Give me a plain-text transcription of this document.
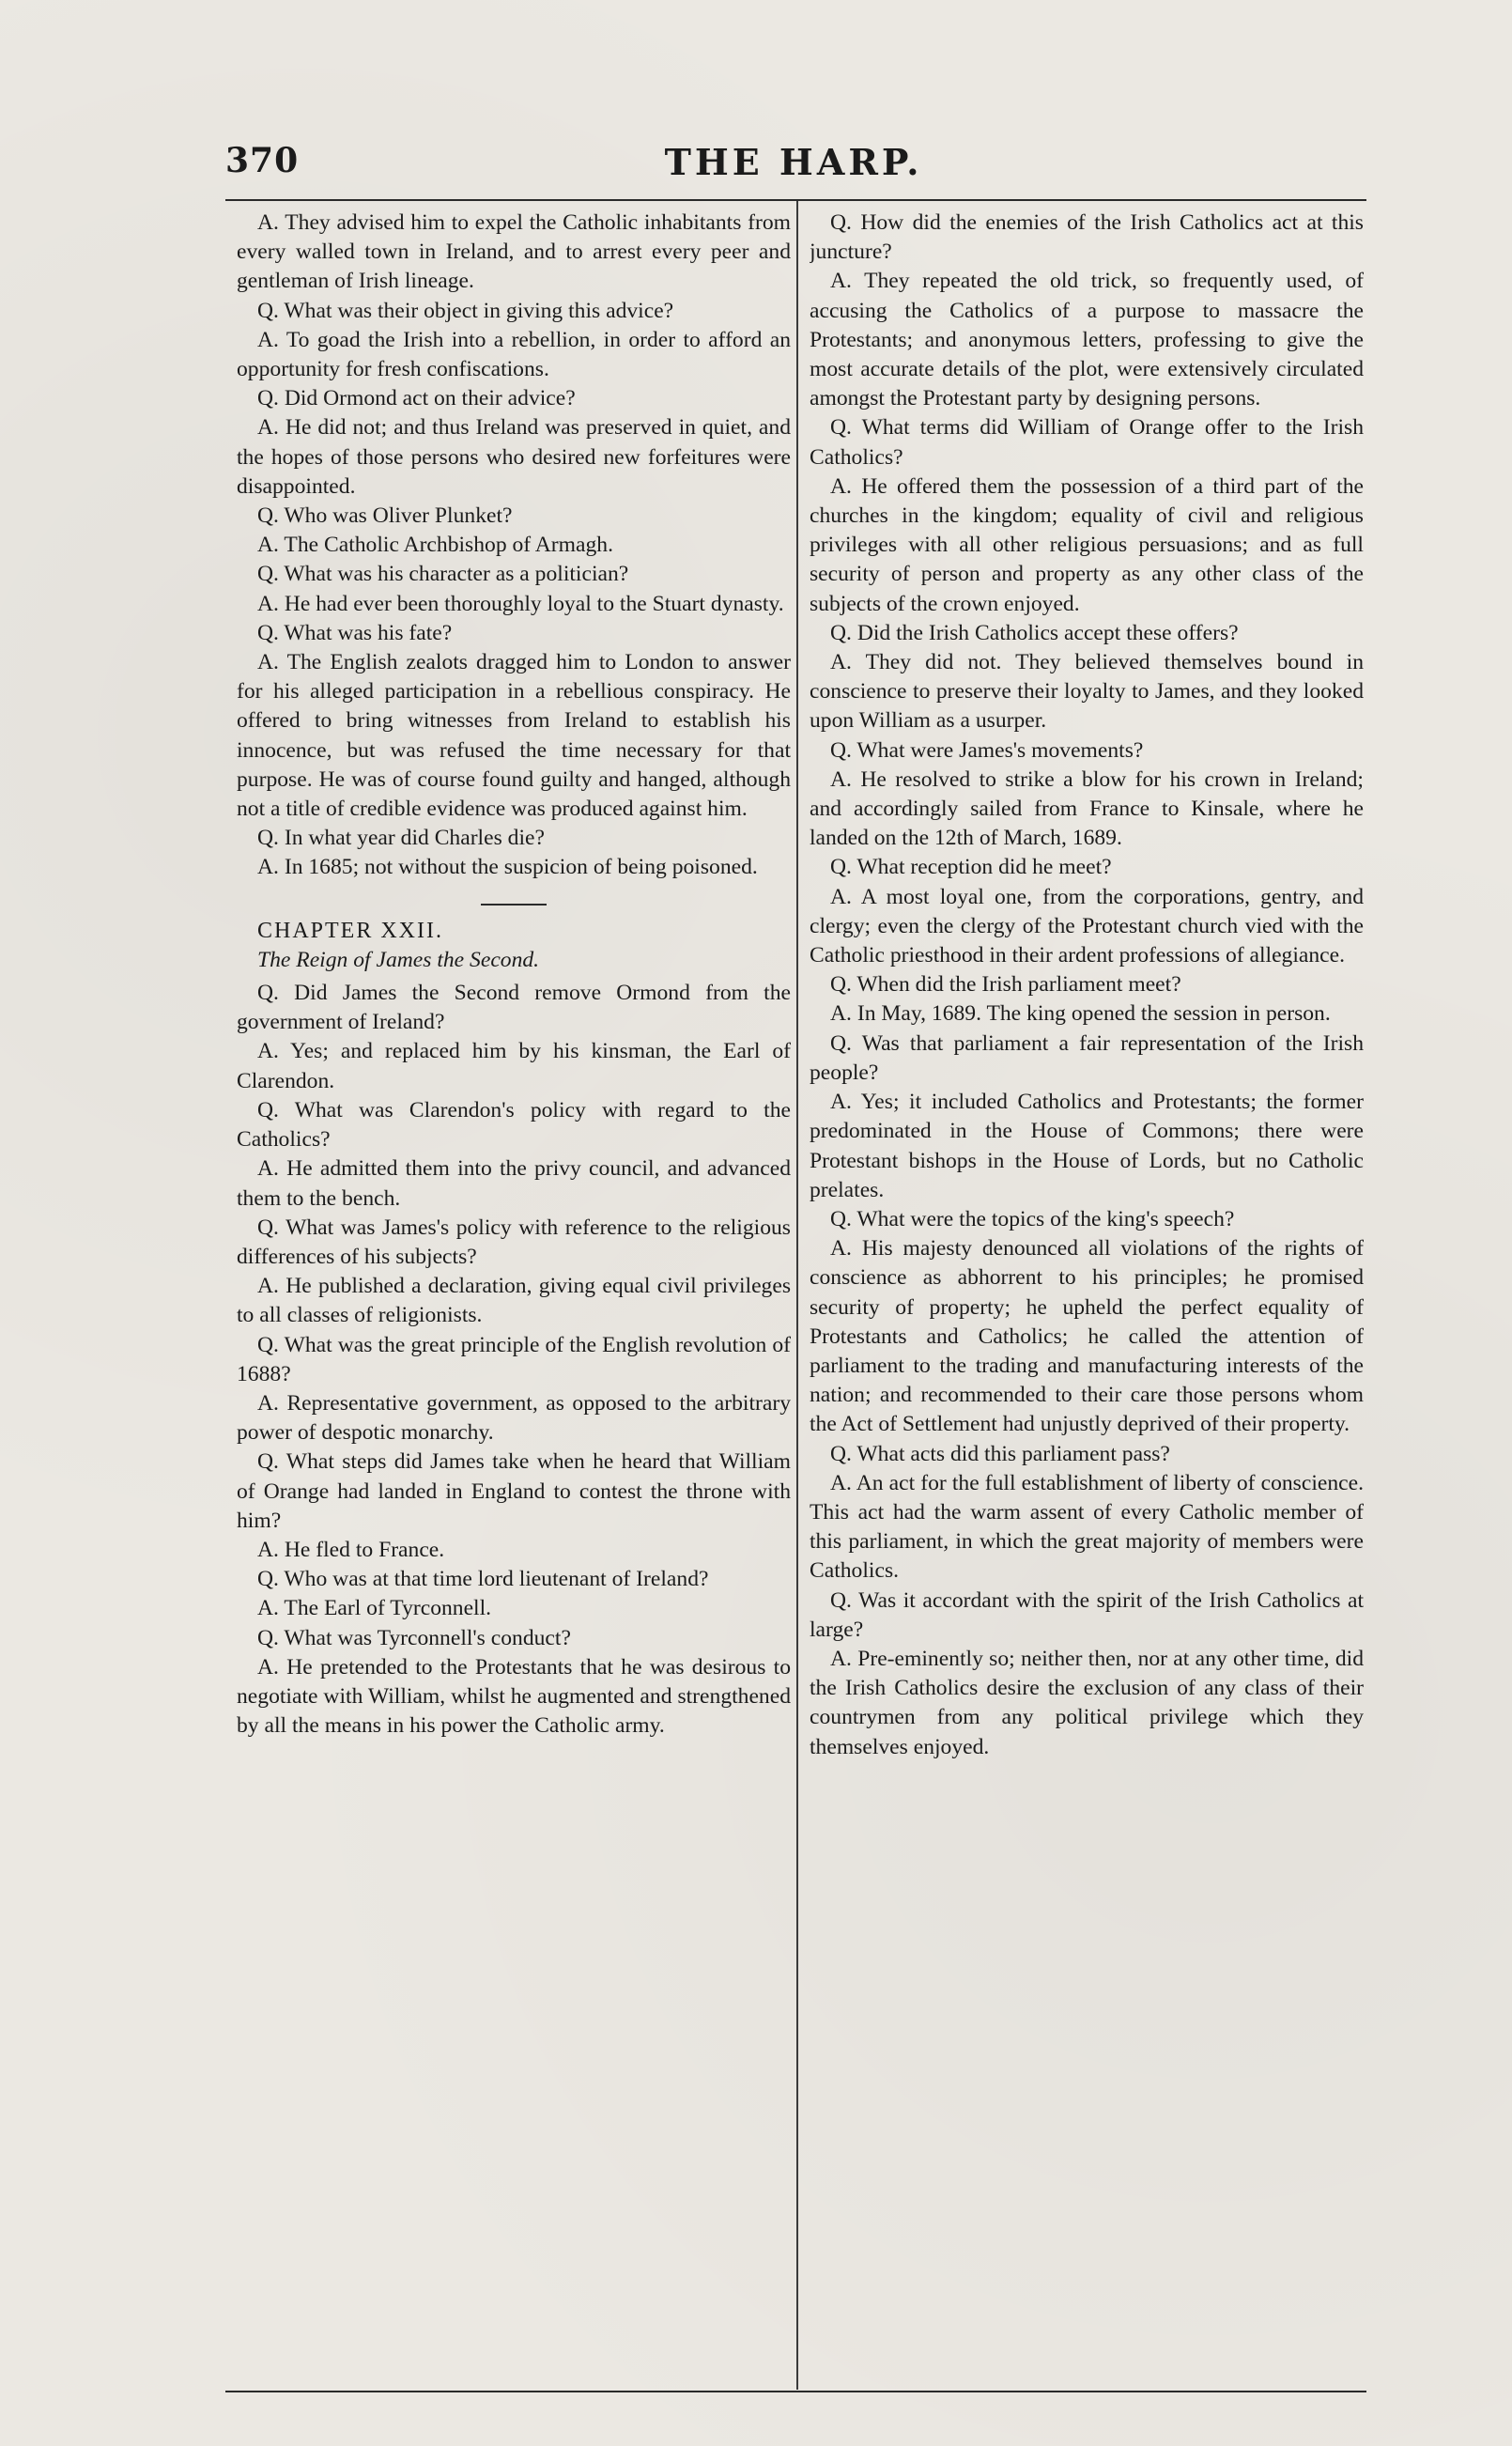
370	THE HARP.

A. They advised him to expel the Catholic inhabitants from every walled town in Ireland, and to arrest every peer and gentleman of Irish lineage.

Q. What was their object in giving this advice?

A. To goad the Irish into a rebellion, in order to afford an opportunity for fresh confiscations.

Q. Did Ormond act on their advice?

A. He did not; and thus Ireland was preserved in quiet, and the hopes of those persons who desired new forfeitures were disappointed.

Q. Who was Oliver Plunket?

A. The Catholic Archbishop of Armagh.

Q. What was his character as a politician?

A. He had ever been thoroughly loyal to the Stuart dynasty.

Q. What was his fate?

A. The English zealots dragged him to London to answer for his alleged participation in a rebellious conspiracy. He offered to bring witnesses from Ireland to establish his innocence, but was refused the time necessary for that purpose. He was of course found guilty and hanged, although not a title of credible evidence was produced against him.

Q. In what year did Charles die?

A. In 1685; not without the suspicion of being poisoned.

CHAPTER XXII.

The Reign of James the Second.

Q. Did James the Second remove Ormond from the government of Ireland?

A. Yes; and replaced him by his kinsman, the Earl of Clarendon.

Q. What was Clarendon's policy with regard to the Catholics?

A. He admitted them into the privy council, and advanced them to the bench.

Q. What was James's policy with reference to the religious differences of his subjects?

A. He published a declaration, giving equal civil privileges to all classes of religionists.

Q. What was the great principle of the English revolution of 1688?

A. Representative government, as opposed to the arbitrary power of despotic monarchy.

Q. What steps did James take when he heard that William of Orange had landed in England to contest the throne with him?

A. He fled to France.

Q. Who was at that time lord lieutenant of Ireland?

A. The Earl of Tyrconnell.

Q. What was Tyrconnell's conduct?

A. He pretended to the Protestants that he was desirous to negotiate with William, whilst he augmented and strengthened by all the means in his power the Catholic army.

Q. How did the enemies of the Irish Catholics act at this juncture?

A. They repeated the old trick, so frequently used, of accusing the Catholics of a purpose to massacre the Protestants; and anonymous letters, professing to give the most accurate details of the plot, were extensively circulated amongst the Protestant party by designing persons.

Q. What terms did William of Orange offer to the Irish Catholics?

A. He offered them the possession of a third part of the churches in the kingdom; equality of civil and religious privileges with all other religious persuasions; and as full security of person and property as any other class of the subjects of the crown enjoyed.

Q. Did the Irish Catholics accept these offers?

A. They did not. They believed themselves bound in conscience to preserve their loyalty to James, and they looked upon William as a usurper.

Q. What were James's movements?

A. He resolved to strike a blow for his crown in Ireland; and accordingly sailed from France to Kinsale, where he landed on the 12th of March, 1689.

Q. What reception did he meet?

A. A most loyal one, from the corporations, gentry, and clergy; even the clergy of the Protestant church vied with the Catholic priesthood in their ardent professions of allegiance.

Q. When did the Irish parliament meet?

A. In May, 1689. The king opened the session in person.

Q. Was that parliament a fair representation of the Irish people?

A. Yes; it included Catholics and Protestants; the former predominated in the House of Commons; there were Protestant bishops in the House of Lords, but no Catholic prelates.

Q. What were the topics of the king's speech?

A. His majesty denounced all violations of the rights of conscience as abhorrent to his principles; he promised security of property; he upheld the perfect equality of Protestants and Catholics; he called the attention of parliament to the trading and manufacturing interests of the nation; and recommended to their care those persons whom the Act of Settlement had unjustly deprived of their property.

Q. What acts did this parliament pass?

A. An act for the full establishment of liberty of conscience. This act had the warm assent of every Catholic member of this parliament, in which the great majority of members were Catholics.

Q. Was it accordant with the spirit of the Irish Catholics at large?

A. Pre-eminently so; neither then, nor at any other time, did the Irish Catholics desire the exclusion of any class of their countrymen from any political privilege which they themselves enjoyed.
